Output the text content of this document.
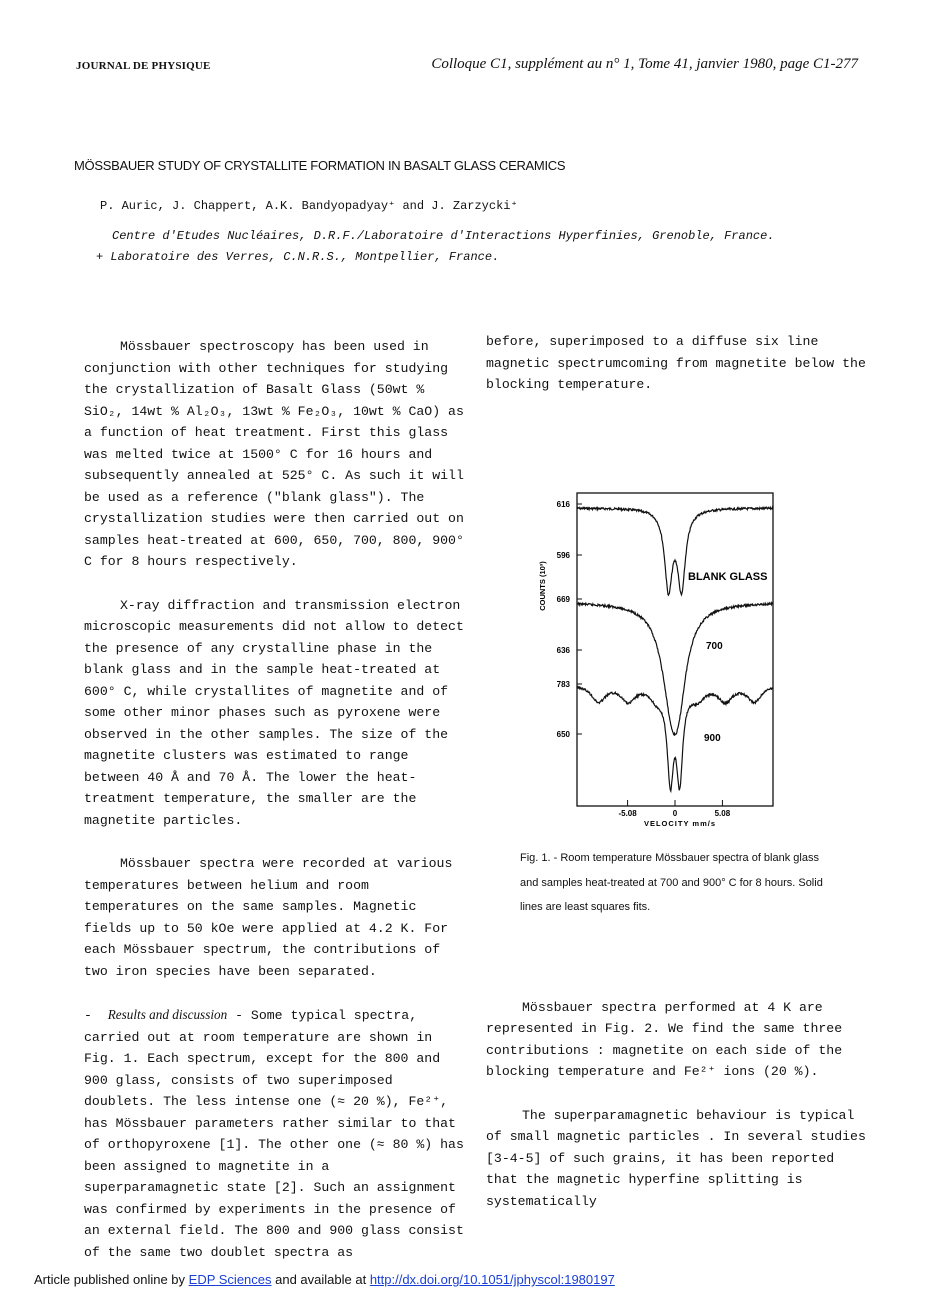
JOURNAL DE PHYSIQUE	Colloque C1, supplément au n° 1, Tome 41, janvier 1980, page C1-277
MÖSSBAUER STUDY OF CRYSTALLITE FORMATION IN BASALT GLASS CERAMICS
P. Auric, J. Chappert, A.K. Bandyopadyay⁺ and J. Zarzycki⁺
Centre d'Etudes Nucléaires, D.R.F./Laboratoire d'Interactions Hyperfinies, Grenoble, France.
+ Laboratoire des Verres, C.N.R.S., Montpellier, France.

Mössbauer spectroscopy has been used in conjunction with other techniques for studying the crystallization of Basalt Glass (50wt % SiO₂, 14wt % Al₂O₃, 13wt % Fe₂O₃, 10wt % CaO) as a function of heat treatment. First this glass was melted twice at 1500° C for 16 hours and subsequently annealed at 525° C. As such it will be used as a reference ("blank glass"). The crystallization studies were then carried out on samples heat-treated at 600, 650, 700, 800, 900° C for 8 hours respectively.

X-ray diffraction and transmission electron microscopic measurements did not allow to detect the presence of any crystalline phase in the blank glass and in the sample heat-treated at 600° C, while crystallites of magnetite and of some other minor phases such as pyroxene were observed in the other samples. The size of the magnetite clusters was estimated to range between 40 Å and 70 Å. The lower the heat-treatment temperature, the smaller are the magnetite particles.

Mössbauer spectra were recorded at various temperatures between helium and room temperatures on the same samples. Magnetic fields up to 50 kOe were applied at 4.2 K. For each Mössbauer spectrum, the contributions of two iron species have been separated.

- Results and discussion - Some typical spectra, carried out at room temperature are shown in Fig. 1. Each spectrum, except for the 800 and 900 glass, consists of two superimposed doublets. The less intense one (≈ 20 %), Fe²⁺, has Mössbauer parameters rather similar to that of orthopyroxene [1]. The other one (≈ 80 %) has been assigned to magnetite in a superparamagnetic state [2]. Such an assignment was confirmed by experiments in the presence of an external field. The 800 and 900 glass consist of the same two doublet spectra as

before, superimposed to a diffuse six line magnetic spectrumcoming from magnetite below the blocking temperature.

Mössbauer spectra performed at 4 K are represented in Fig. 2. We find the same three contributions : magnetite on each side of the blocking temperature and Fe²⁺ ions (20 %).

The superparamagnetic behaviour is typical of small magnetic particles . In several studies [3-4-5] of such grains, it has been reported that the magnetic hyperfine splitting is systematically

616
596
669
636
783
650
-5.08	0	5.08
BLANK GLASS
700
900
VELOCITY mm/s
COUNTS (10³)
Fig. 1. - Room temperature Mössbauer spectra of blank glass and samples heat-treated at 700 and 900° C for 8 hours. Solid lines are least squares fits.
Article published online by EDP Sciences and available at http://dx.doi.org/10.1051/jphyscol:1980197
